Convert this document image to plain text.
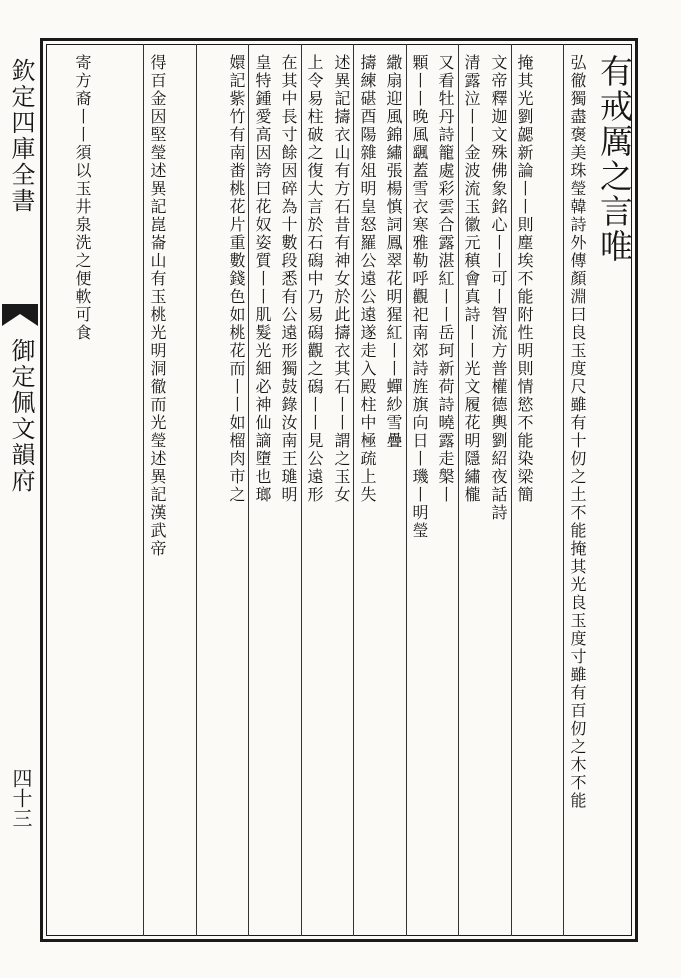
欽定四庫全書
御定佩文韻府
四十三
有戒厲之言唯
弘徹獨盡褒美珠瑩韓詩外傳顏淵曰良玉度尺雖有十仞之土不能掩其光良玉度寸雖有百仞之木不能
掩其光劉勰新論丨丨則塵埃不能附性明則情慾不能染梁簡
文帝釋迦文殊佛象銘心丨丨可丨智流方普權德輿劉紹夜話詩
清露泣丨丨金波流玉徽元稹會真詩丨丨光文履花明隱繡櫳
又看牡丹詩籠處彩雲合露湛紅丨丨岳珂新荷詩曉露走槃丨
顆丨丨晚風颻蓋雪衣寒雅勒呼觀祀南郊詩旌旗向日丨璣丨明瑩
繖扇迎風錦繡張楊慎詞鳳翠花明猩紅丨丨蟬紗雪疊
擣練碪酉陽雜俎明皇怒羅公遠公遠遂走入殿柱中極疏上失
述異記擣衣山有方石昔有神女於此擣衣其石丨丨謂之玉女
上令易柱破之復大言於石磶中乃易磶觀之磶丨丨見公遠形
在其中長寸餘因碎為十數段悉有公遠形獨鼓錄汝南王璡明
皇特鍾愛高因誇曰花奴姿質丨丨肌髮光細必神仙謫墮也瑯
嬛記紫竹有南畨桃花片重數錢色如桃花而丨丨如榴肉市之
得百金因堅瑩述異記崑崙山有玉桃光明洞徹而光瑩述異記漢武帝
寄方裔丨丨須以玉井泉洗之便軟可食
